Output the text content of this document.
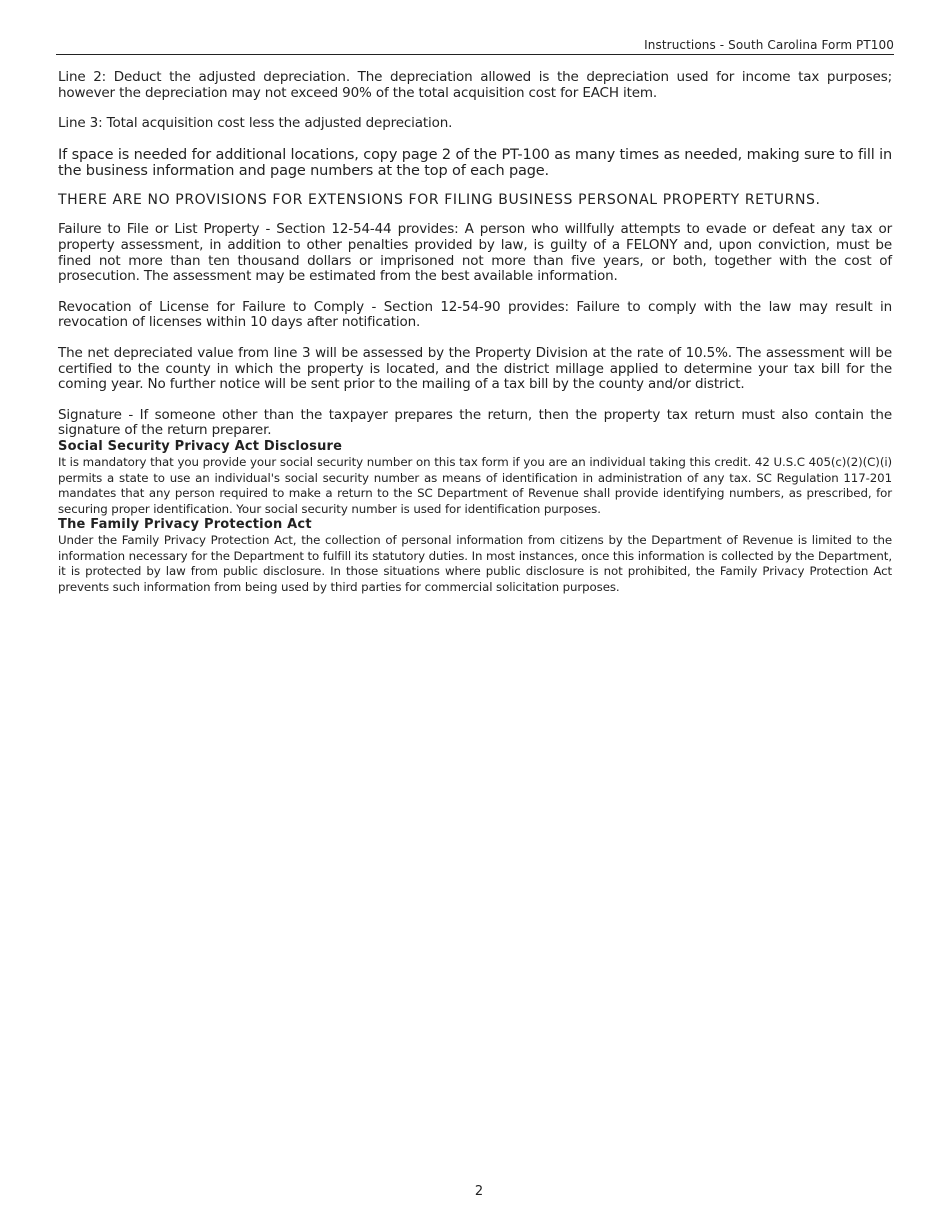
Instructions - South Carolina Form PT100

Line 2: Deduct the adjusted depreciation. The depreciation allowed is the depreciation used for income tax purposes; however the depreciation may not exceed 90% of the total acquisition cost for EACH item.

Line 3: Total acquisition cost less the adjusted depreciation.

If space is needed for additional locations, copy page 2 of the PT-100 as many times as needed, making sure to fill in the business information and page numbers at the top of each page.

THERE ARE NO PROVISIONS FOR EXTENSIONS FOR FILING BUSINESS PERSONAL PROPERTY RETURNS.

Failure to File or List Property - Section 12-54-44 provides: A person who willfully attempts to evade or defeat any tax or property assessment, in addition to other penalties provided by law, is guilty of a FELONY and, upon conviction, must be fined not more than ten thousand dollars or imprisoned not more than five years, or both, together with the cost of prosecution. The assessment may be estimated from the best available information.

Revocation of License for Failure to Comply - Section 12-54-90 provides: Failure to comply with the law may result in revocation of licenses within 10 days after notification.

The net depreciated value from line 3 will be assessed by the Property Division at the rate of 10.5%. The assessment will be certified to the county in which the property is located, and the district millage applied to determine your tax bill for the coming year. No further notice will be sent prior to the mailing of a tax bill by the county and/or district.

Signature - If someone other than the taxpayer prepares the return, then the property tax return must also contain the signature of the return preparer.

Social Security Privacy Act Disclosure

It is mandatory that you provide your social security number on this tax form if you are an individual taking this credit. 42 U.S.C 405(c)(2)(C)(i) permits a state to use an individual's social security number as means of identification in administration of any tax. SC Regulation 117-201 mandates that any person required to make a return to the SC Department of Revenue shall provide identifying numbers, as prescribed, for securing proper identification. Your social security number is used for identification purposes.

The Family Privacy Protection Act

Under the Family Privacy Protection Act, the collection of personal information from citizens by the Department of Revenue is limited to the information necessary for the Department to fulfill its statutory duties. In most instances, once this information is collected by the Department, it is protected by law from public disclosure. In those situations where public disclosure is not prohibited, the Family Privacy Protection Act prevents such information from being used by third parties for commercial solicitation purposes.

2
